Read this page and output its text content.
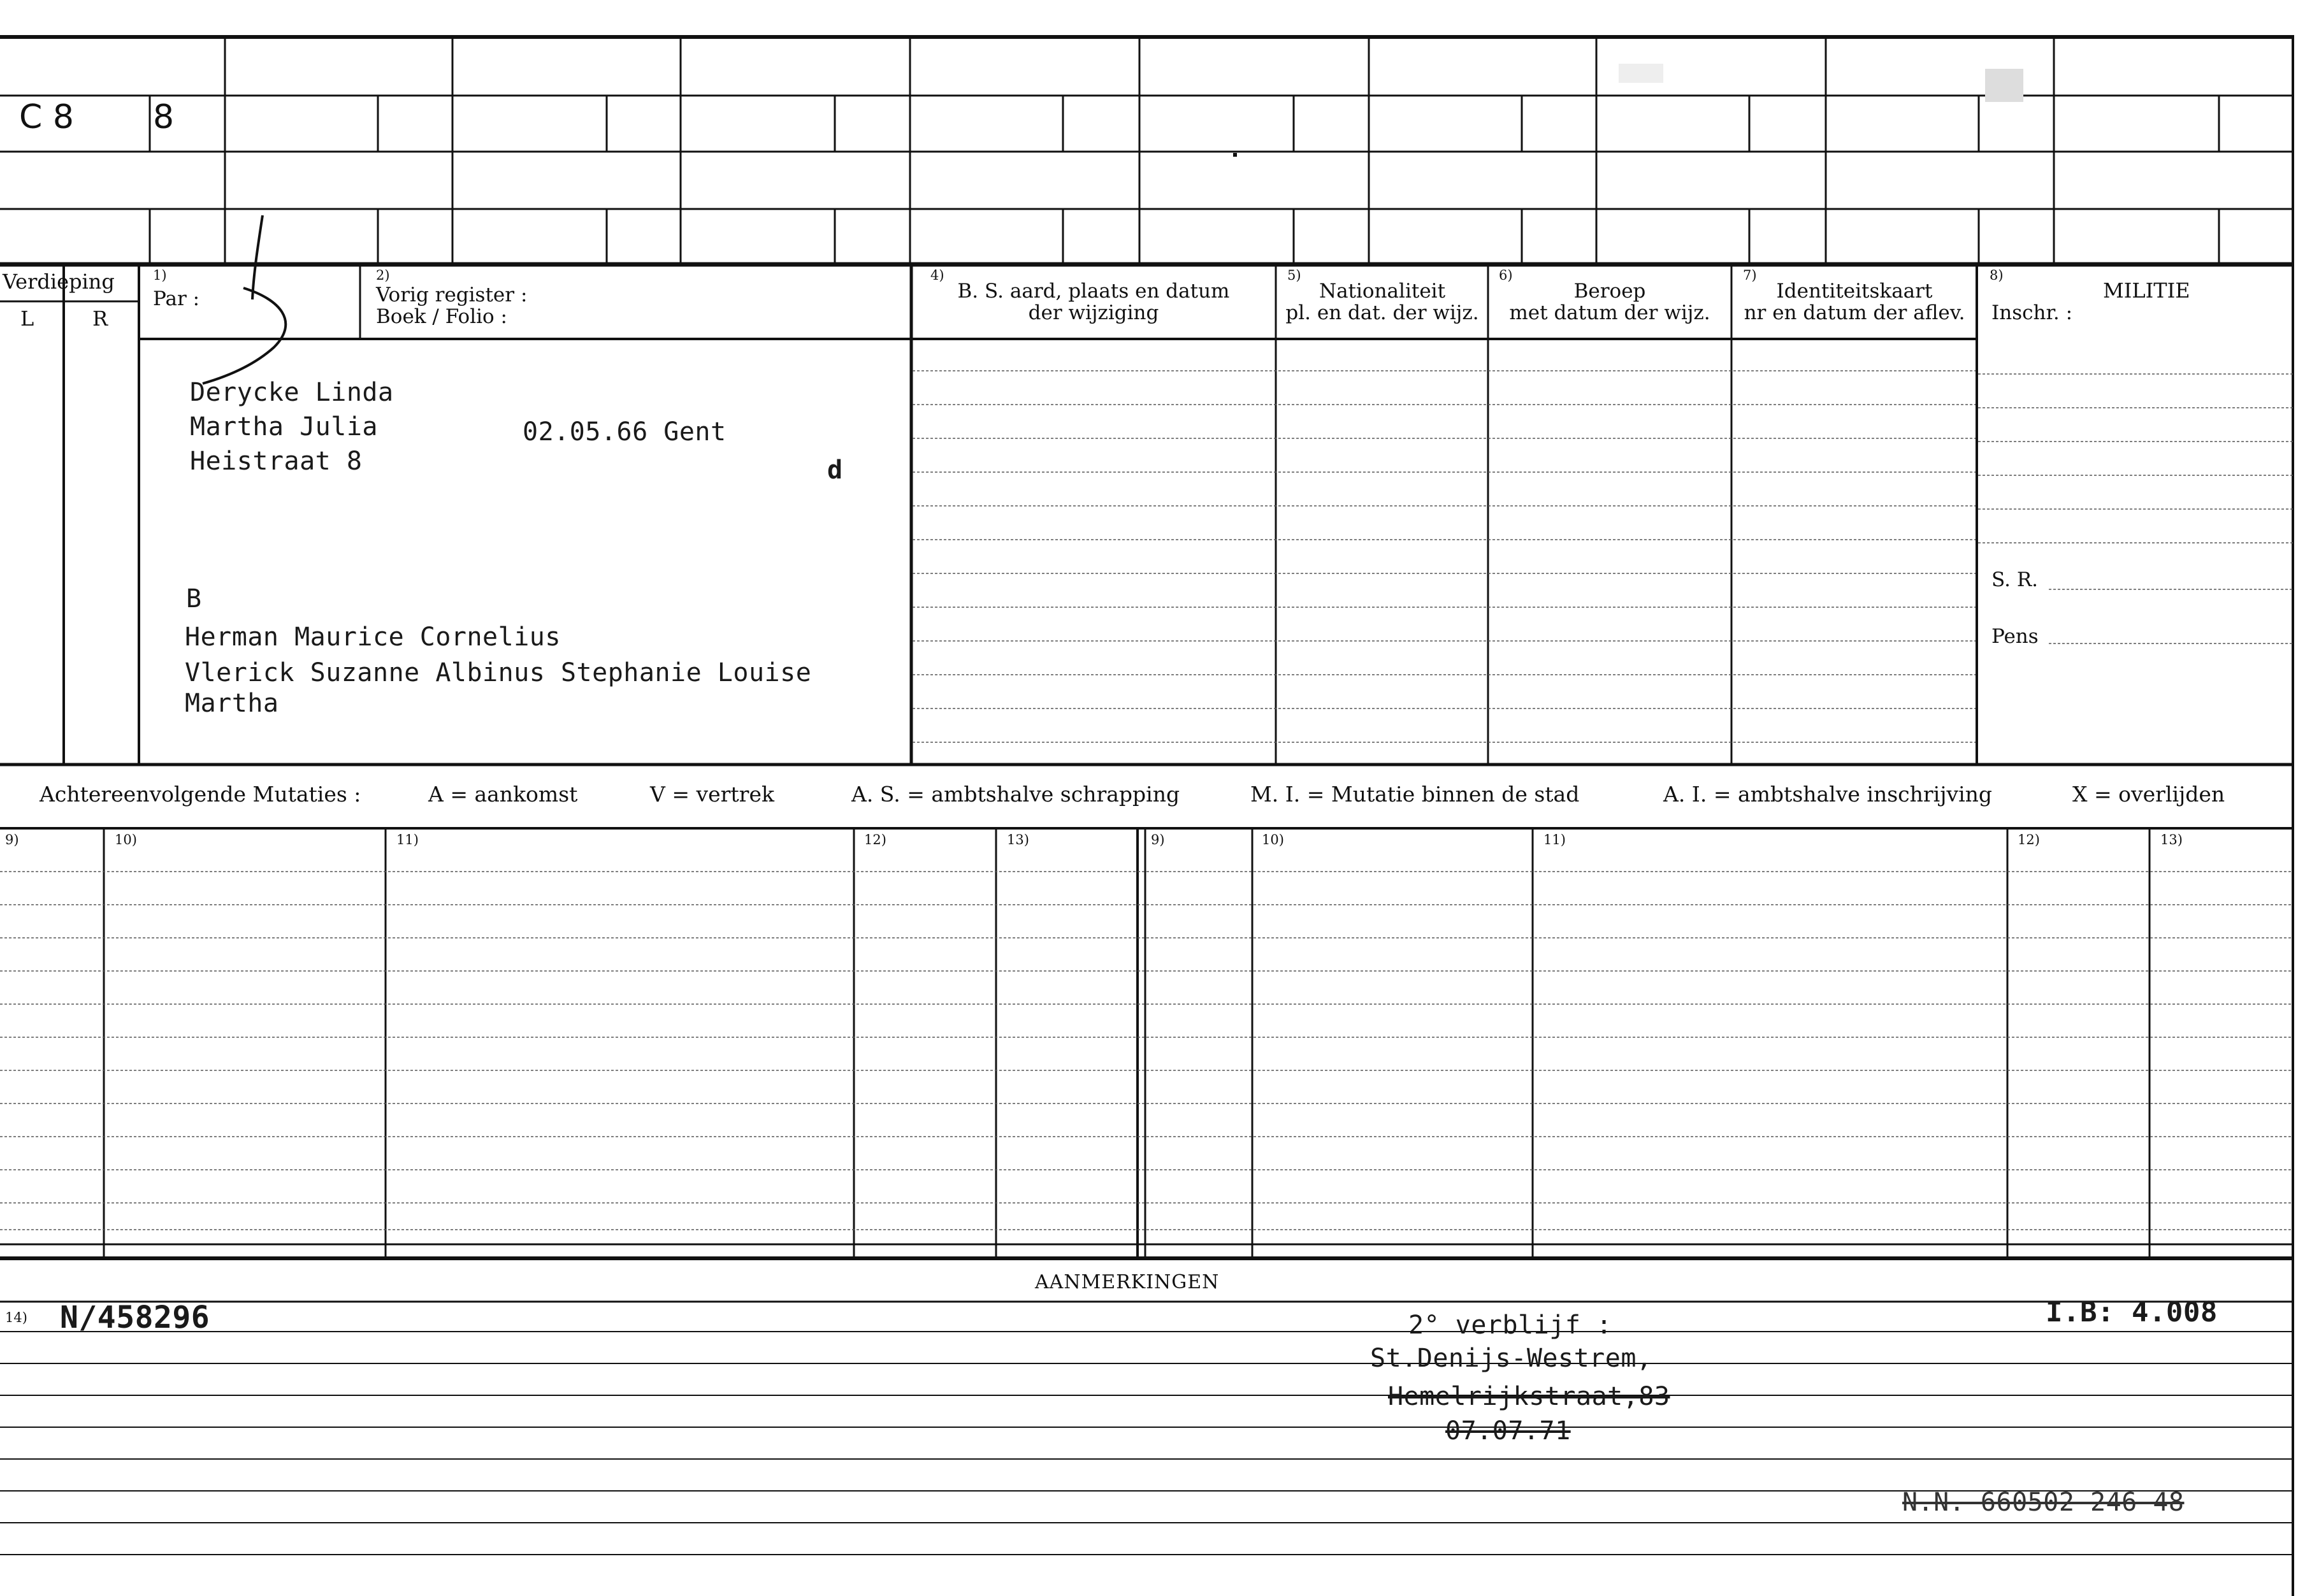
C 8 8
Verdieping
L	R
1)
Par :
2)
Vorig register :
Boek / Folio :
4)
B. S. aard, plaats en datum
der wijziging
5)
Nationaliteit
pl. en dat. der wijz.
6)
Beroep
met datum der wijz.
7)
Identiteitskaart
nr en datum der aflev.
8)
MILITIE
Inschr. :
S. R.
Pens
Derycke Linda
Martha Julia
Heistraat 8
02.05.66 Gent
d
B
Herman Maurice Cornelius
Vlerick Suzanne Albinus Stephanie Louise
Martha
Achtereenvolgende Mutaties :	A = aankomst	V = vertrek	A. S. = ambtshalve schrapping	M. I. = Mutatie binnen de stad	A. I. = ambtshalve inschrijving	X = overlijden
9)	10)	11)	12)	13)	9)	10)	11)	12)	13)
AANMERKINGEN
14) N/458296	I.B: 4.008
2° verblijf :
St.Denijs-Westrem,
Hemelrijkstraat,83
07.07.71
N.N. 660502 246 48
